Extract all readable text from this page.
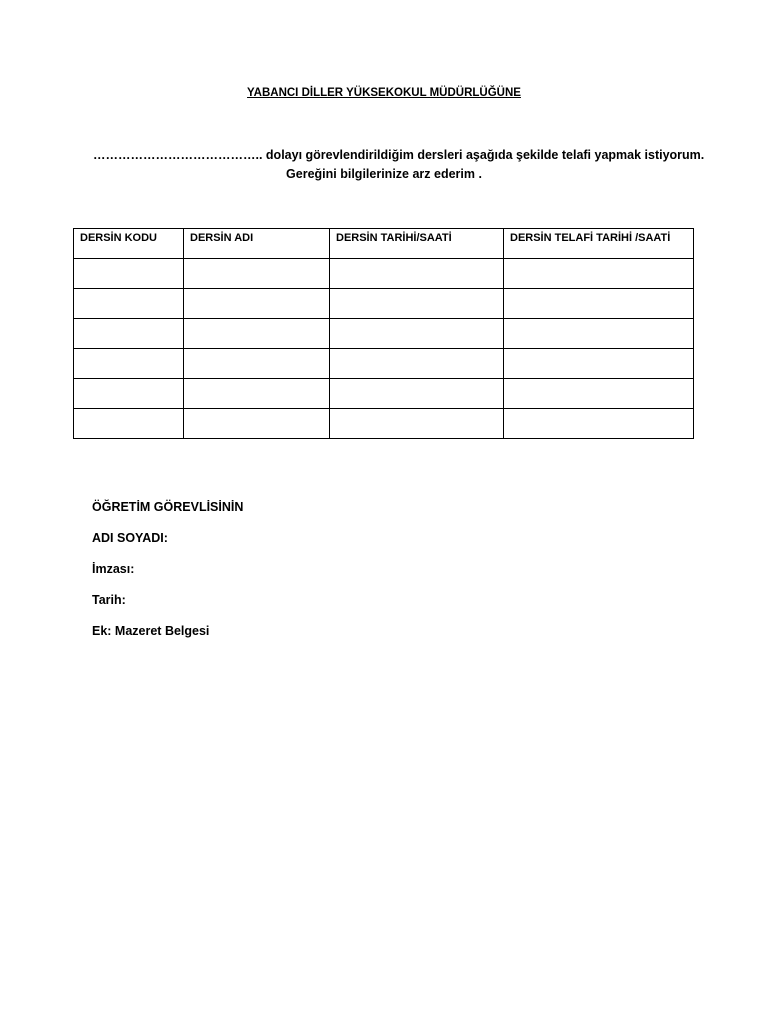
YABANCI DİLLER YÜKSEKOKUL MÜDÜRLÜĞÜNE
………………………………….. dolayı görevlendirildiğim dersleri aşağıda şekilde telafi yapmak istiyorum.
Gereğini bilgilerinize arz ederim .
DERSİN KODU	DERSİN ADI	DERSİN TARİHİ/SAATİ	DERSİN TELAFİ TARİHİ /SAATİ

ÖĞRETİM GÖREVLİSİNİN
ADI SOYADI:
İmzası:
Tarih:
Ek: Mazeret Belgesi
